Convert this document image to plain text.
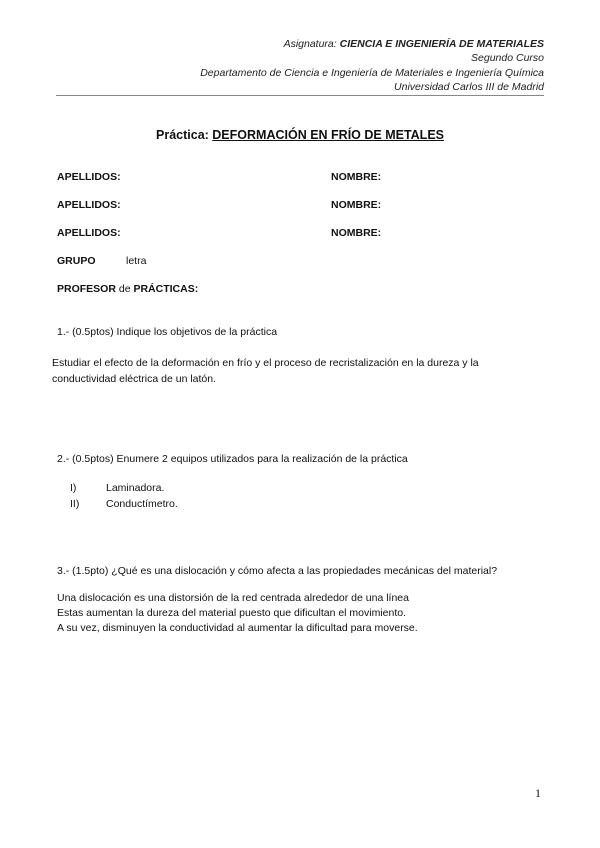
Asignatura: CIENCIA E INGENIERÍA DE MATERIALES
Segundo Curso
Departamento de Ciencia e Ingeniería de Materiales e Ingeniería Química
Universidad Carlos III de Madrid
Práctica: DEFORMACIÓN EN FRÍO DE METALES
APELLIDOS:	NOMBRE:
APELLIDOS:	NOMBRE:
APELLIDOS:	NOMBRE:
GRUPO	letra
PROFESOR de PRÁCTICAS:
1.- (0.5ptos) Indique los objetivos de la práctica
Estudiar el efecto de la deformación en frío y el proceso de recristalización en la dureza y la
conductividad eléctrica de un latón.
2.- (0.5ptos) Enumere 2 equipos utilizados para la realización de la práctica
I)	Laminadora.
II)	Conductímetro.
3.- (1.5pto) ¿Qué es una dislocación y cómo afecta a las propiedades mecánicas del material?
Una dislocación es una distorsión de la red centrada alrededor de una línea
Estas aumentan la dureza del material puesto que dificultan el movimiento.
A su vez, disminuyen la conductividad al aumentar la dificultad para moverse.
1
